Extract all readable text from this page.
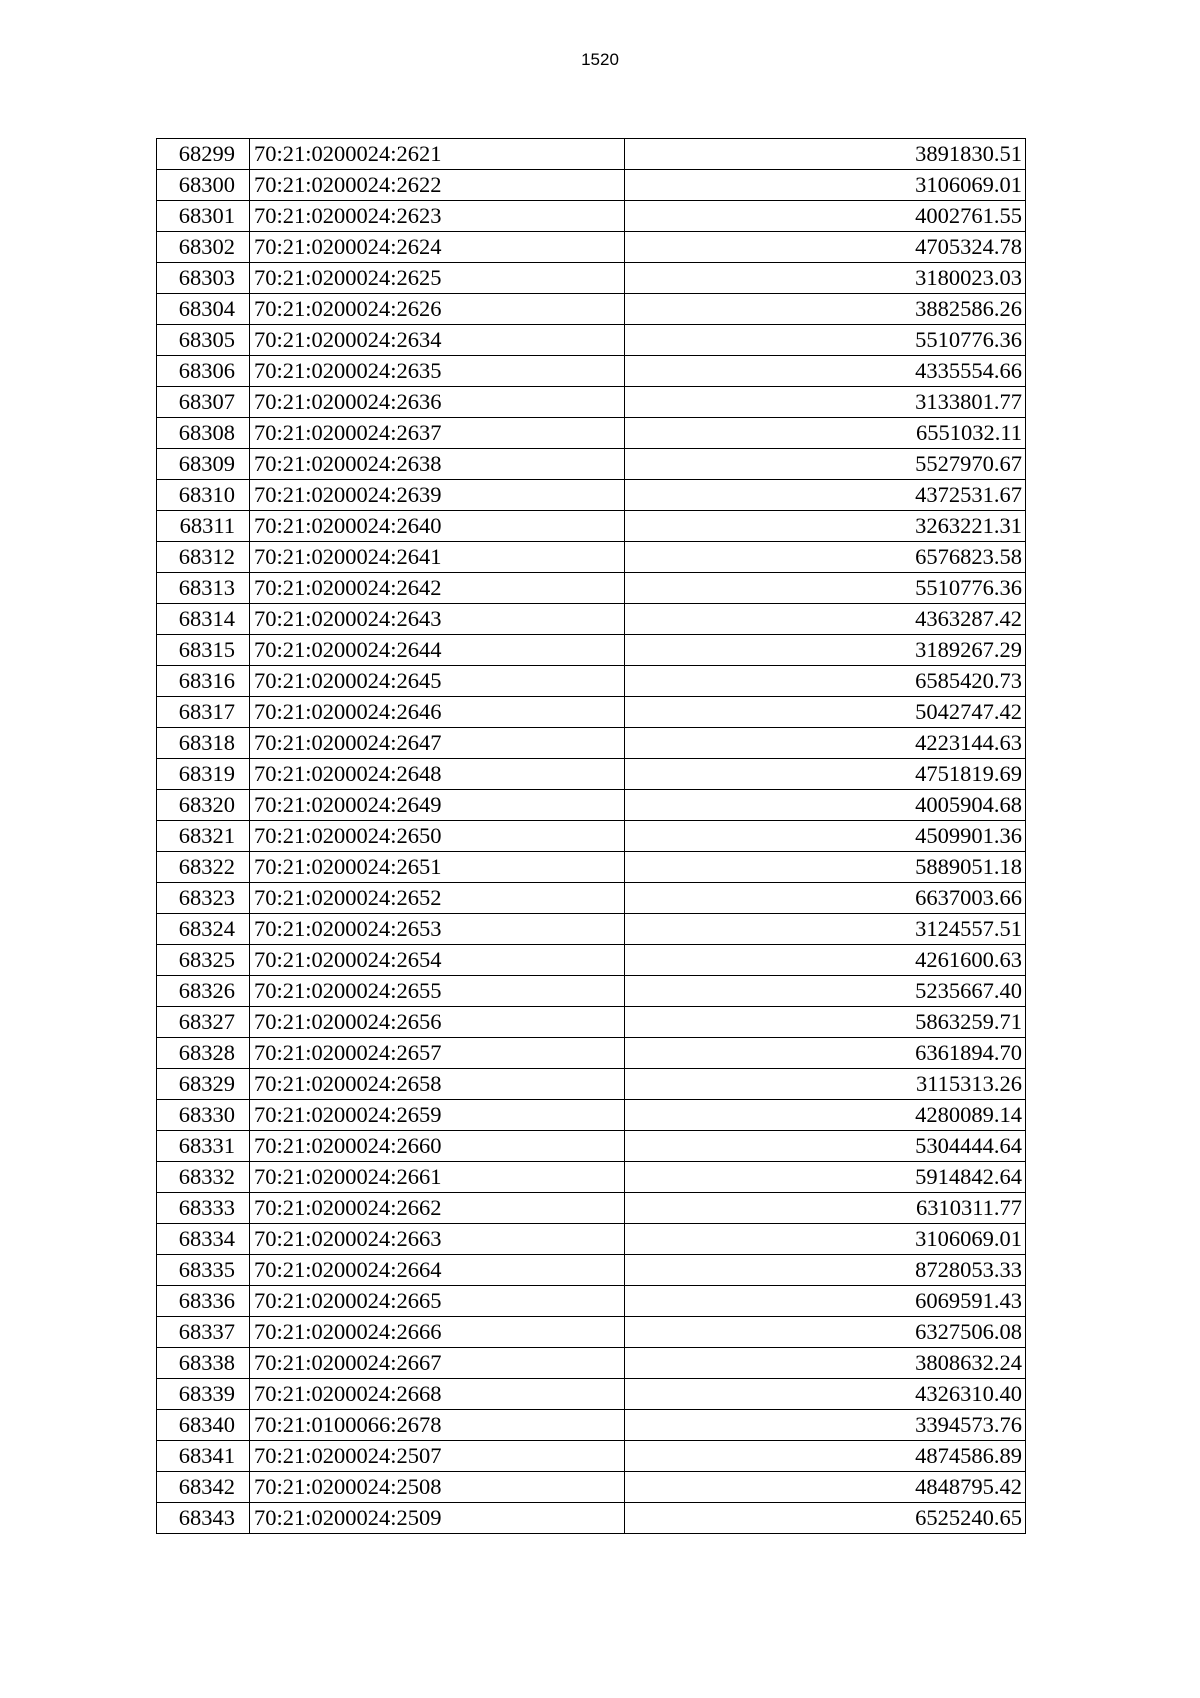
1520
68299	70:21:0200024:2621	3891830.51
68300	70:21:0200024:2622	3106069.01
68301	70:21:0200024:2623	4002761.55
68302	70:21:0200024:2624	4705324.78
68303	70:21:0200024:2625	3180023.03
68304	70:21:0200024:2626	3882586.26
68305	70:21:0200024:2634	5510776.36
68306	70:21:0200024:2635	4335554.66
68307	70:21:0200024:2636	3133801.77
68308	70:21:0200024:2637	6551032.11
68309	70:21:0200024:2638	5527970.67
68310	70:21:0200024:2639	4372531.67
68311	70:21:0200024:2640	3263221.31
68312	70:21:0200024:2641	6576823.58
68313	70:21:0200024:2642	5510776.36
68314	70:21:0200024:2643	4363287.42
68315	70:21:0200024:2644	3189267.29
68316	70:21:0200024:2645	6585420.73
68317	70:21:0200024:2646	5042747.42
68318	70:21:0200024:2647	4223144.63
68319	70:21:0200024:2648	4751819.69
68320	70:21:0200024:2649	4005904.68
68321	70:21:0200024:2650	4509901.36
68322	70:21:0200024:2651	5889051.18
68323	70:21:0200024:2652	6637003.66
68324	70:21:0200024:2653	3124557.51
68325	70:21:0200024:2654	4261600.63
68326	70:21:0200024:2655	5235667.40
68327	70:21:0200024:2656	5863259.71
68328	70:21:0200024:2657	6361894.70
68329	70:21:0200024:2658	3115313.26
68330	70:21:0200024:2659	4280089.14
68331	70:21:0200024:2660	5304444.64
68332	70:21:0200024:2661	5914842.64
68333	70:21:0200024:2662	6310311.77
68334	70:21:0200024:2663	3106069.01
68335	70:21:0200024:2664	8728053.33
68336	70:21:0200024:2665	6069591.43
68337	70:21:0200024:2666	6327506.08
68338	70:21:0200024:2667	3808632.24
68339	70:21:0200024:2668	4326310.40
68340	70:21:0100066:2678	3394573.76
68341	70:21:0200024:2507	4874586.89
68342	70:21:0200024:2508	4848795.42
68343	70:21:0200024:2509	6525240.65
